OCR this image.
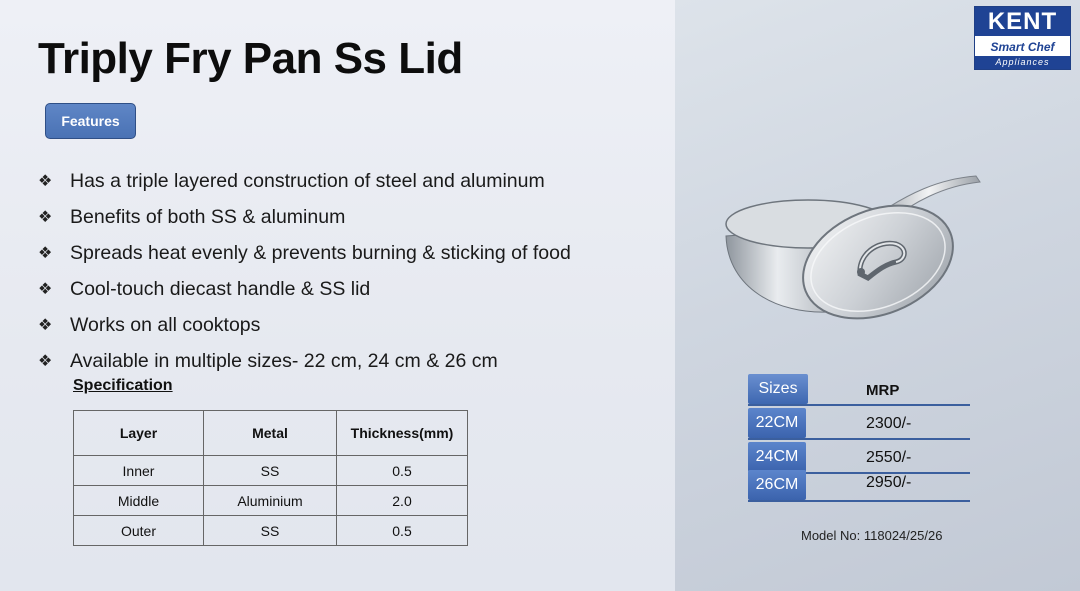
Triply Fry Pan Ss Lid
Features
❖ Has a triple layered construction of steel and aluminum
❖ Benefits of both SS & aluminum
❖ Spreads heat evenly & prevents burning & sticking of food
❖ Cool-touch diecast handle & SS lid
❖ Works on all cooktops
❖ Available in multiple sizes- 22 cm, 24 cm & 26 cm
Specification
Layer	Metal	Thickness(mm)
Inner	SS	0.5
Middle	Aluminium	2.0
Outer	SS	0.5
KENT
Smart Chef
Appliances
Sizes	MRP
22CM	2300/-
24CM	2550/-
26CM	2950/-
Model No: 118024/25/26
